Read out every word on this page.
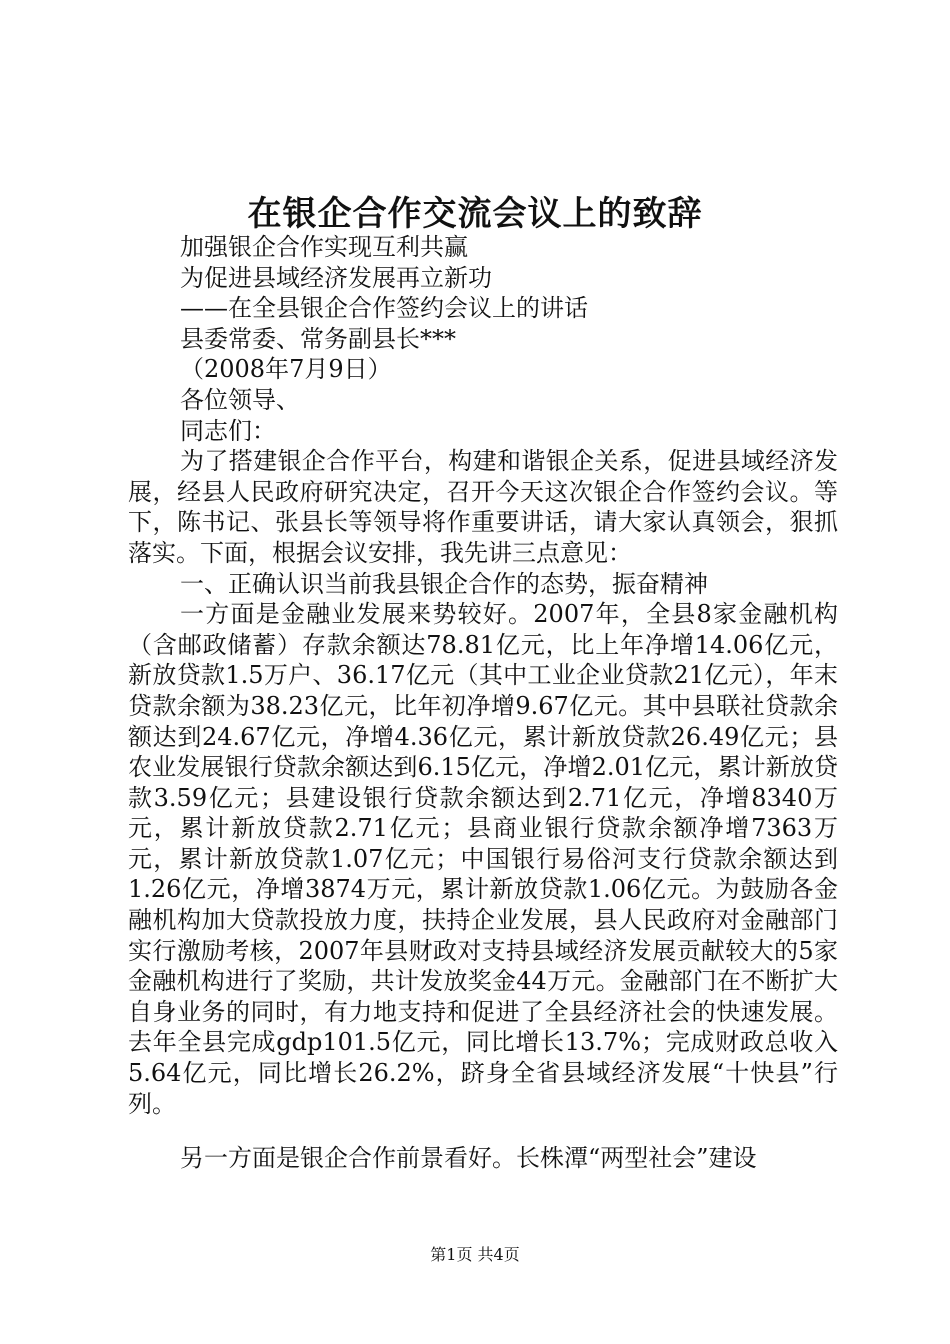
在银企合作交流会议上的致辞

加强银企合作实现互利共赢

为促进县域经济发展再立新功

——在全县银企合作签约会议上的讲话

县委常委、常务副县长***

（2008年7月9日）

各位领导、

同志们：

为了搭建银企合作平台，构建和谐银企关系，促进县域经济发展，经县人民政府研究决定，召开今天这次银企合作签约会议。等下，陈书记、张县长等领导将作重要讲话，请大家认真领会，狠抓落实。下面，根据会议安排，我先讲三点意见：

一、正确认识当前我县银企合作的态势，振奋精神

一方面是金融业发展来势较好。2007年，全县8家金融机构（含邮政储蓄）存款余额达78.81亿元，比上年净增14.06亿元，新放贷款1.5万户、36.17亿元（其中工业企业贷款21亿元），年末贷款余额为38.23亿元，比年初净增9.67亿元。其中县联社贷款余额达到24.67亿元，净增4.36亿元，累计新放贷款26.49亿元；县农业发展银行贷款余额达到6.15亿元，净增2.01亿元，累计新放贷款3.59亿元；县建设银行贷款余额达到2.71亿元，净增8340万元，累计新放贷款2.71亿元；县商业银行贷款余额净增7363万元，累计新放贷款1.07亿元；中国银行易俗河支行贷款余额达到1.26亿元，净增3874万元，累计新放贷款1.06亿元。为鼓励各金融机构加大贷款投放力度，扶持企业发展，县人民政府对金融部门实行激励考核，2007年县财政对支持县域经济发展贡献较大的5家金融机构进行了奖励，共计发放奖金44万元。金融部门在不断扩大自身业务的同时，有力地支持和促进了全县经济社会的快速发展。去年全县完成gdp101.5亿元，同比增长13.7%；完成财政总收入5.64亿元，同比增长26.2%，跻身全省县域经济发展“十快县”行列。

另一方面是银企合作前景看好。长株潭“两型社会”建设

第1页 共4页
